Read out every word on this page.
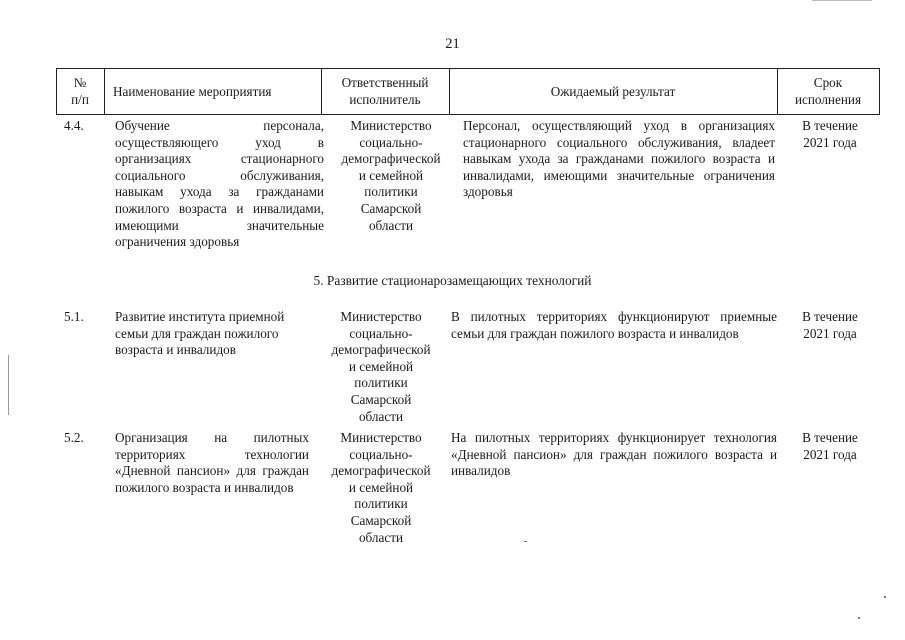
21
№
п/п
Наименование мероприятия
Ответственный
исполнитель
Ожидаемый результат
Срок
исполнения
4.4. Обучение персонала, осуществляющего уход в организациях стационарного социального обслуживания, навыкам ухода за гражданами пожилого возраста и инвалидами, имеющими значительные ограничения здоровья
Министерство
социально-
демографической
и семейной
политики
Самарской
области
Персонал, осуществляющий уход в организациях стационарного социального обслуживания, владеет навыкам ухода за гражданами пожилого возраста и инвалидами, имеющими значительные ограничения здоровья
В течение
2021 года
5. Развитие стационарозамещающих технологий
5.1. Развитие института приемной семьи для граждан пожилого возраста и инвалидов
Министерство
социально-
демографической
и семейной
политики
Самарской
области
В пилотных территориях функционируют приемные семьи для граждан пожилого возраста и инвалидов
В течение
2021 года
5.2. Организация на пилотных территориях технологии «Дневной пансион» для граждан пожилого возраста и инвалидов
Министерство
социально-
демографической
и семейной
политики
Самарской
области
На пилотных территориях функционирует технология «Дневной пансион» для граждан пожилого возраста и инвалидов
В течение
2021 года
